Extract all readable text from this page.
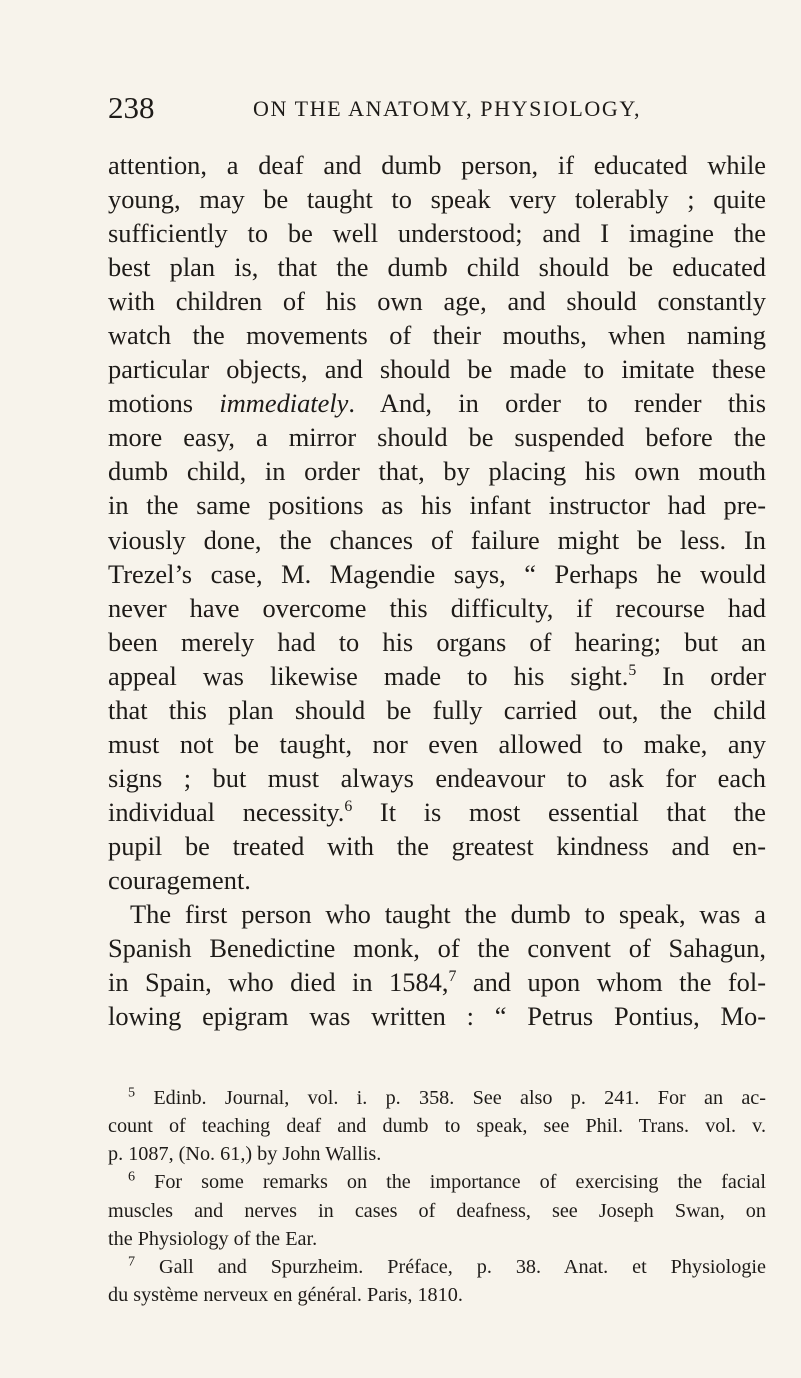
238	ON THE ANATOMY, PHYSIOLOGY,
attention, a deaf and dumb person, if educated while
young, may be taught to speak very tolerably ; quite
sufficiently to be well understood; and I imagine the
best plan is, that the dumb child should be educated
with children of his own age, and should constantly
watch the movements of their mouths, when naming
particular objects, and should be made to imitate these
motions immediately. And, in order to render this
more easy, a mirror should be suspended before the
dumb child, in order that, by placing his own mouth
in the same positions as his infant instructor had pre-
viously done, the chances of failure might be less. In
Trezel’s case, M. Magendie says, “ Perhaps he would
never have overcome this difficulty, if recourse had
been merely had to his organs of hearing; but an
appeal was likewise made to his sight.$^5$ In order
that this plan should be fully carried out, the child
must not be taught, nor even allowed to make, any
signs ; but must always endeavour to ask for each
individual necessity.$^6$ It is most essential that the
pupil be treated with the greatest kindness and en-
couragement.
The first person who taught the dumb to speak, was a
Spanish Benedictine monk, of the convent of Sahagun,
in Spain, who died in 1584,$^7$ and upon whom the fol-
lowing epigram was written : “ Petrus Pontius, Mo-
$^5$ Edinb. Journal, vol. i. p. 358. See also p. 241. For an ac-
count of teaching deaf and dumb to speak, see Phil. Trans. vol. v.
p. 1087, (No. 61,) by John Wallis.
$^6$ For some remarks on the importance of exercising the facial
muscles and nerves in cases of deafness, see Joseph Swan, on
the Physiology of the Ear.
$^7$ Gall and Spurzheim. Préface, p. 38. Anat. et Physiologie
du système nerveux en général. Paris, 1810.
